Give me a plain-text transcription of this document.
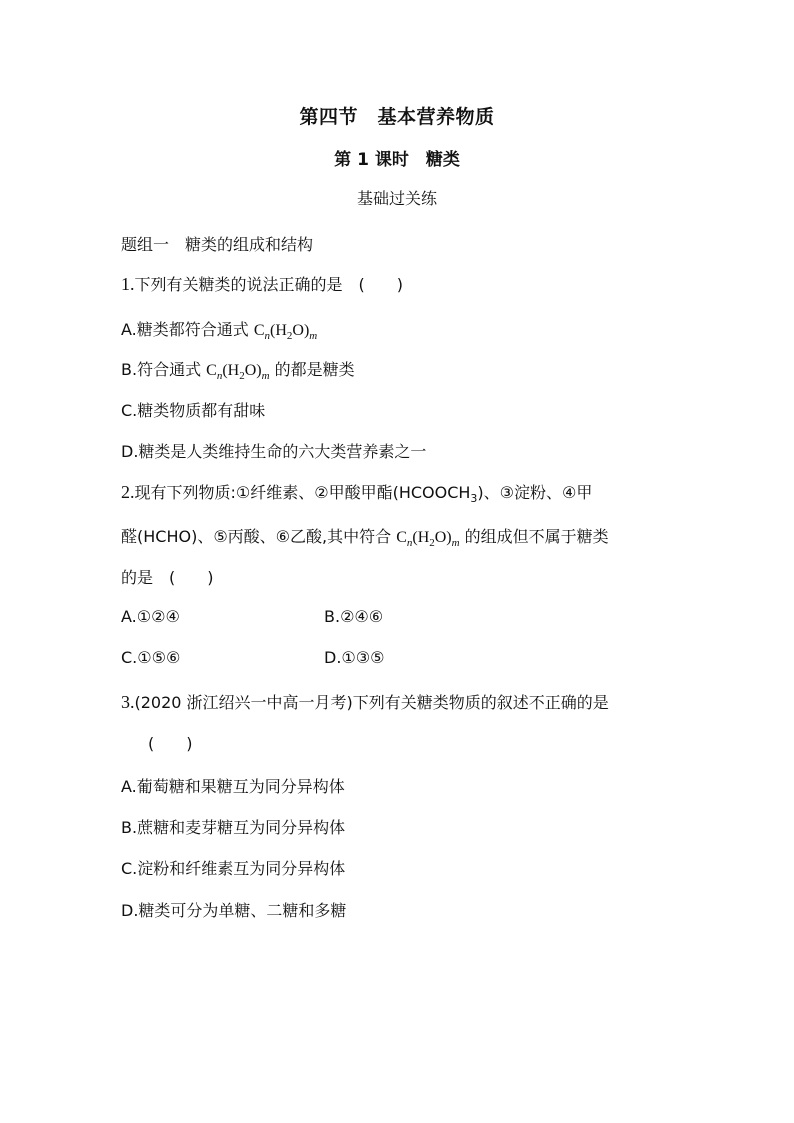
第四节　基本营养物质
第 1 课时　糖类
基础过关练
题组一　糖类的组成和结构
1.下列有关糖类的说法正确的是　(　　)
A.糖类都符合通式 $C_n(H_2O)_m$
B.符合通式 $C_n(H_2O)_m$ 的都是糖类
C.糖类物质都有甜味
D.糖类是人类维持生命的六大类营养素之一
2.现有下列物质:①纤维素、②甲酸甲酯$(HCOOCH_3)$、③淀粉、④甲
醛(HCHO)、⑤丙酸、⑥乙酸,其中符合 $C_n(H_2O)_m$ 的组成但不属于糖类
的是　(　　)
A.①②④	B.②④⑥
C.①⑤⑥	D.①③⑤
3.(2020 浙江绍兴一中高一月考)下列有关糖类物质的叙述不正确的是
(　　)
A.葡萄糖和果糖互为同分异构体
B.蔗糖和麦芽糖互为同分异构体
C.淀粉和纤维素互为同分异构体
D.糖类可分为单糖、二糖和多糖
